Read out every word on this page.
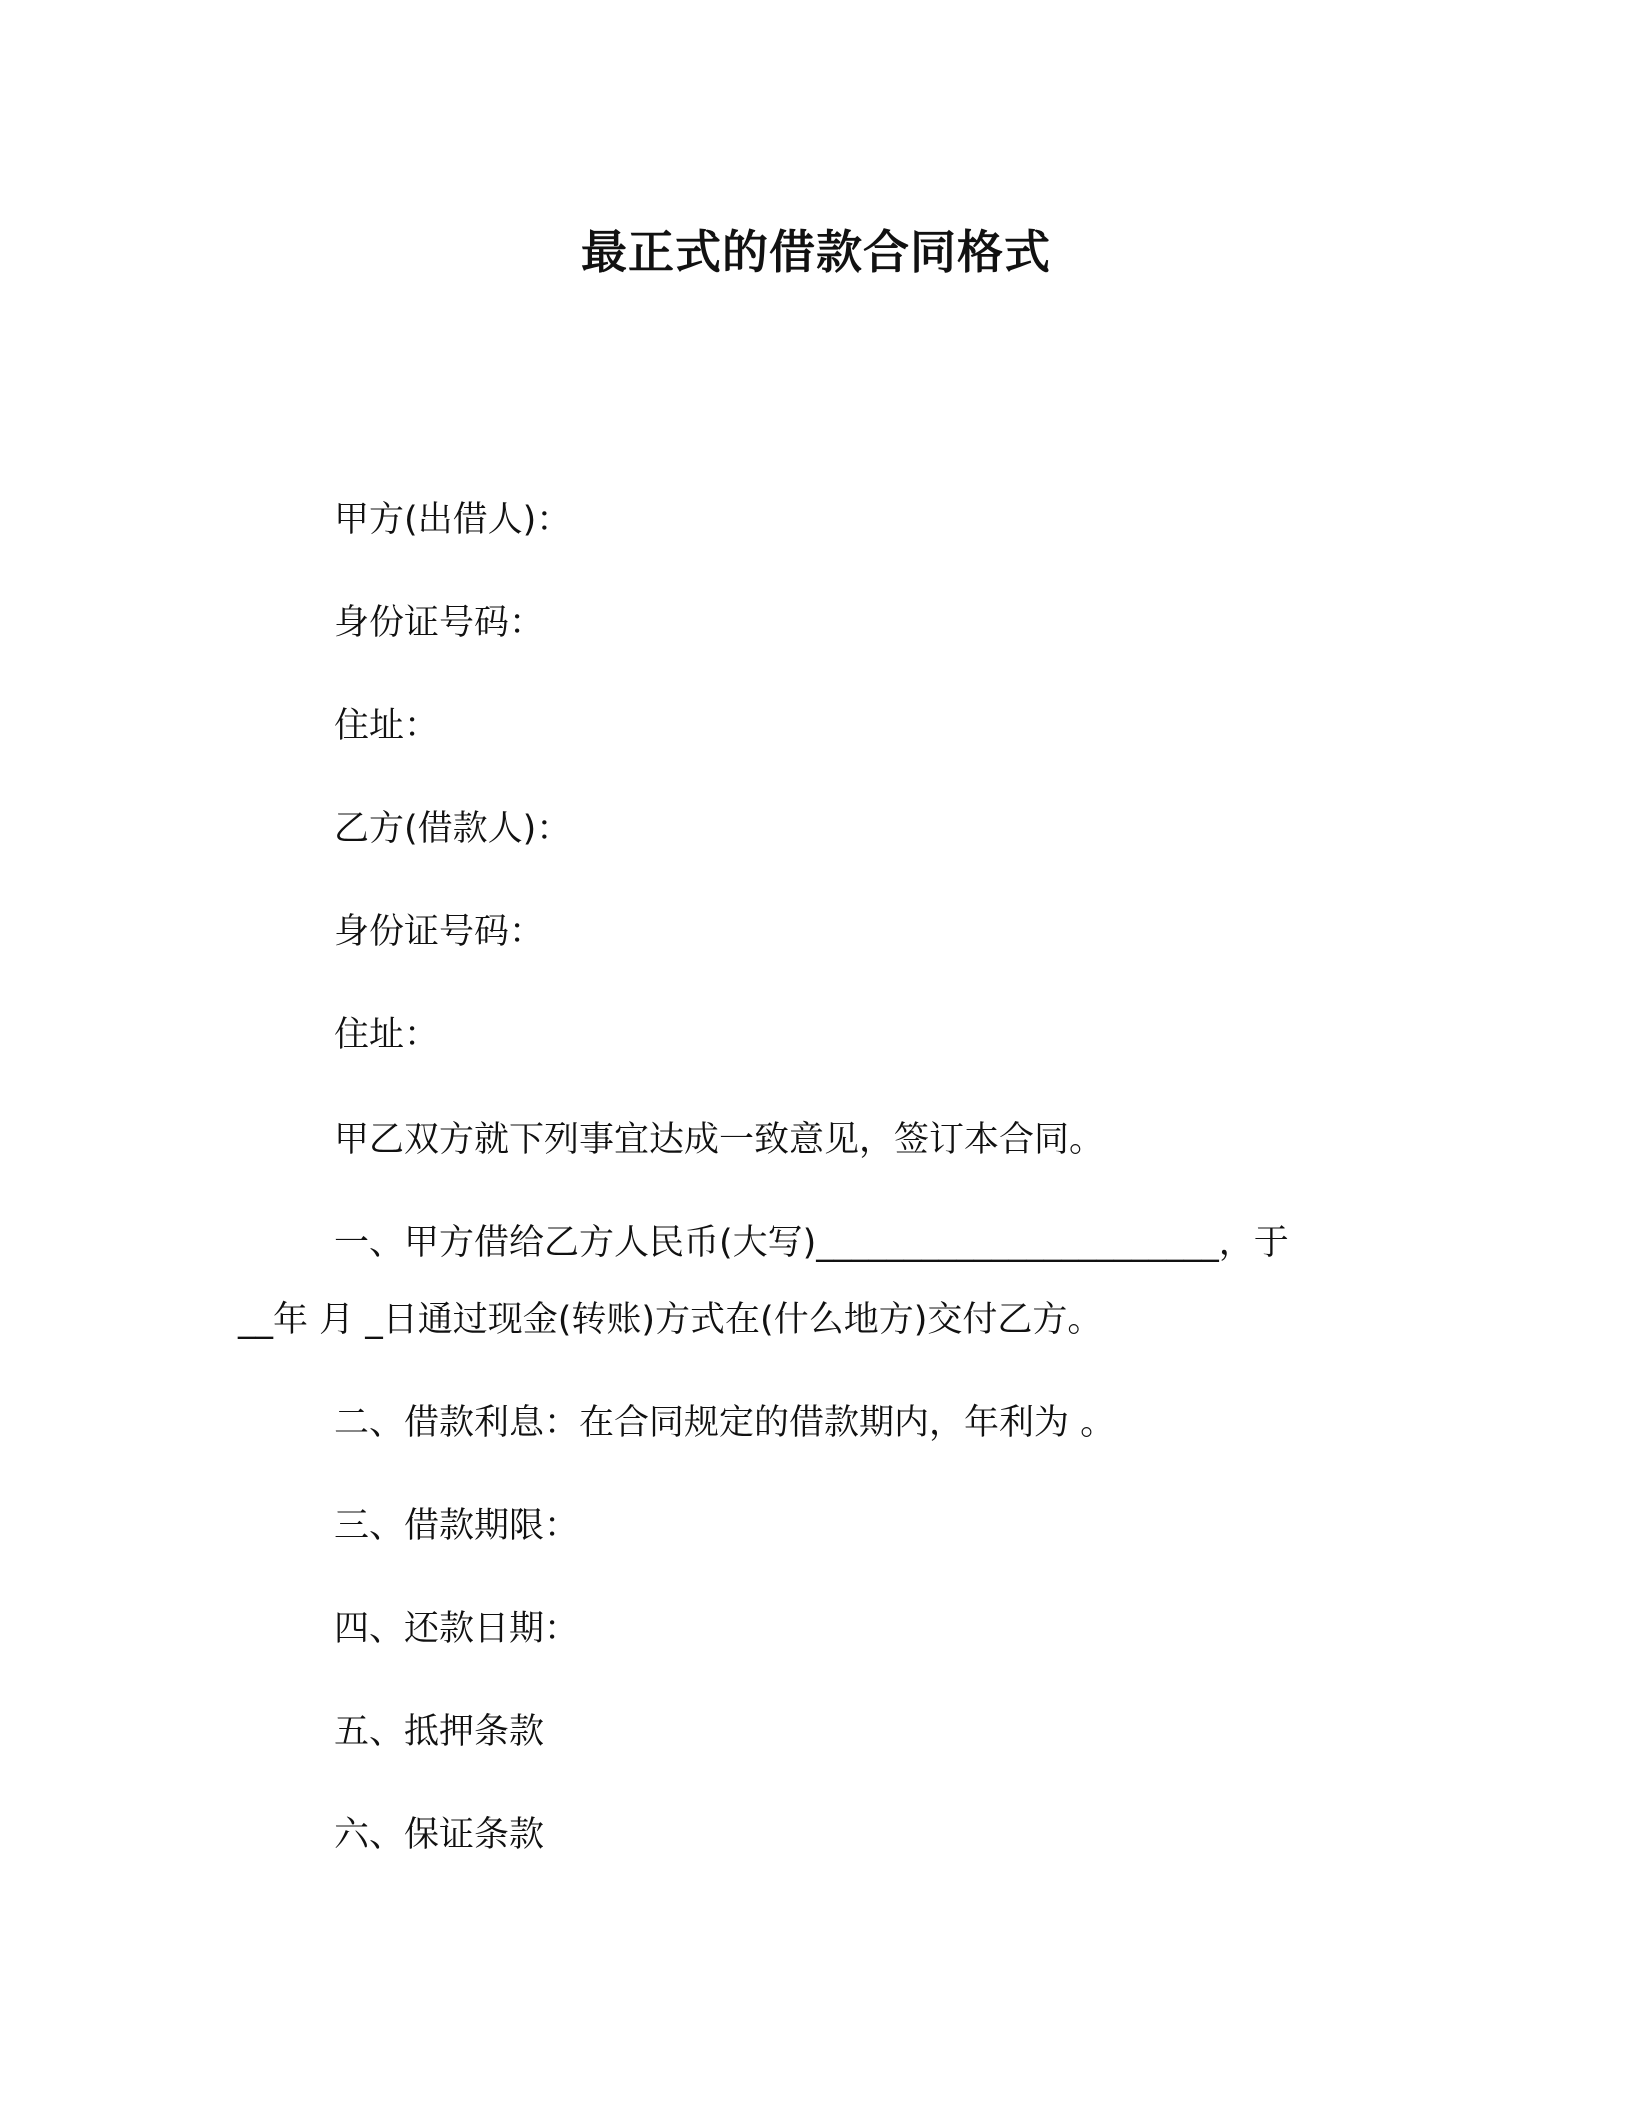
最正式的借款合同格式

甲方(出借人)：

身份证号码：

住址：

乙方(借款人)：

身份证号码：

住址：

甲乙双方就下列事宜达成一致意见，签订本合同。

一、甲方借给乙方人民币(大写)_______________________，于

__年 月 _日通过现金(转账)方式在(什么地方)交付乙方。

二、借款利息：在合同规定的借款期内，年利为 。

三、借款期限：

四、还款日期：

五、抵押条款

六、保证条款
